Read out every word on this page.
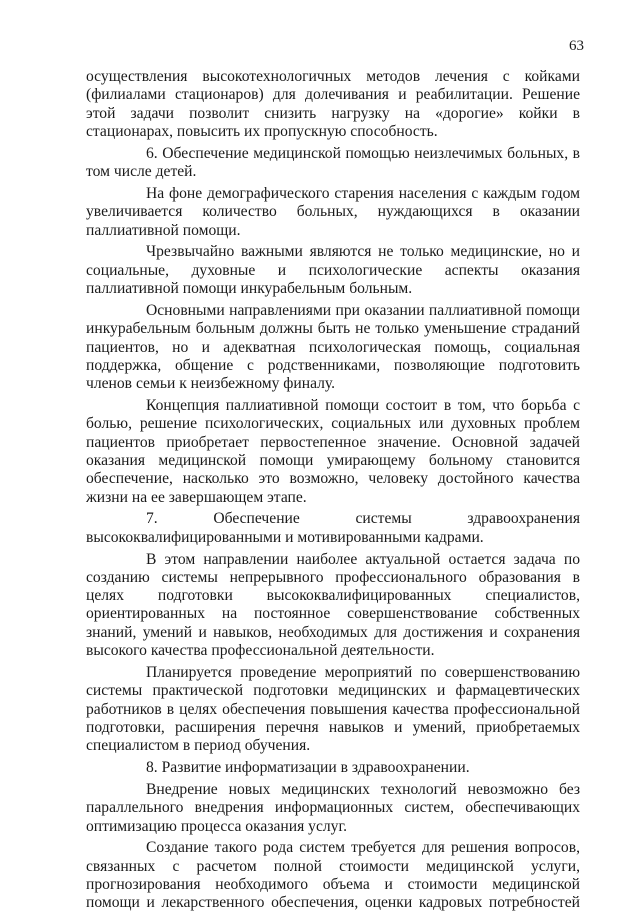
63

осуществления высокотехнологичных методов лечения с койками (филиалами стационаров) для долечивания и реабилитации. Решение этой задачи позволит снизить нагрузку на «дорогие» койки в стационарах, повысить их пропускную способность.

6. Обеспечение медицинской помощью неизлечимых больных, в том числе детей.

На фоне демографического старения населения с каждым годом увеличивается количество больных, нуждающихся в оказании паллиативной помощи.

Чрезвычайно важными являются не только медицинские, но и социальные, духовные и психологические аспекты оказания паллиативной помощи инкурабельным больным.

Основными направлениями при оказании паллиативной помощи инкурабельным больным должны быть не только уменьшение страданий пациентов, но и адекватная психологическая помощь, социальная поддержка, общение с родственниками, позволяющие подготовить членов семьи к неизбежному финалу.

Концепция паллиативной помощи состоит в том, что борьба с болью, решение психологических, социальных или духовных проблем пациентов приобретает первостепенное значение. Основной задачей оказания медицинской помощи умирающему больному становится обеспечение, насколько это возможно, человеку достойного качества жизни на ее завершающем этапе.

7. Обеспечение системы здравоохранения

высококвалифицированными и мотивированными кадрами.

В этом направлении наиболее актуальной остается задача по созданию системы непрерывного профессионального образования в целях подготовки высококвалифицированных специалистов, ориентированных на постоянное совершенствование собственных знаний, умений и навыков, необходимых для достижения и сохранения высокого качества профессиональной деятельности.

Планируется проведение мероприятий по совершенствованию системы практической подготовки медицинских и фармацевтических работников в целях обеспечения повышения качества профессиональной подготовки, расширения перечня навыков и умений, приобретаемых специалистом в период обучения.

8. Развитие информатизации в здравоохранении.

Внедрение новых медицинских технологий невозможно без параллельного внедрения информационных систем, обеспечивающих оптимизацию процесса оказания услуг.

Создание такого рода систем требуется для решения вопросов, связанных с расчетом полной стоимости медицинской услуги, прогнозирования необходимого объема и стоимости медицинской помощи и лекарственного обеспечения, оценки кадровых потребностей
